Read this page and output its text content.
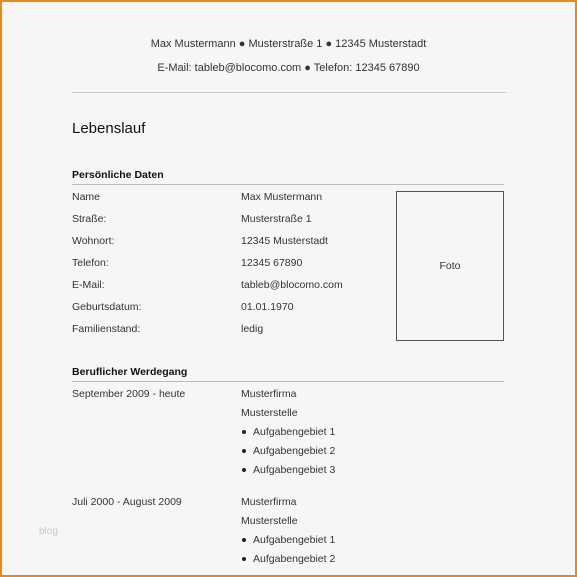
Max Mustermann ● Musterstraße 1 ● 12345 Musterstadt
E-Mail: tableb@blocomo.com ● Telefon: 12345 67890
Lebenslauf
Persönliche Daten
Name	Max Mustermann
Straße:	Musterstraße 1
Wohnort:	12345 Musterstadt
Telefon:	12345 67890
E-Mail:	tableb@blocomo.com
Geburtsdatum:	01.01.1970
Familienstand:	ledig
Foto
Beruflicher Werdegang
September 2009 - heute	Musterfirma
Musterstelle
Aufgabengebiet 1
Aufgabengebiet 2
Aufgabengebiet 3
Juli 2000 - August 2009	Musterfirma
Musterstelle
Aufgabengebiet 1
Aufgabengebiet 2
blog
